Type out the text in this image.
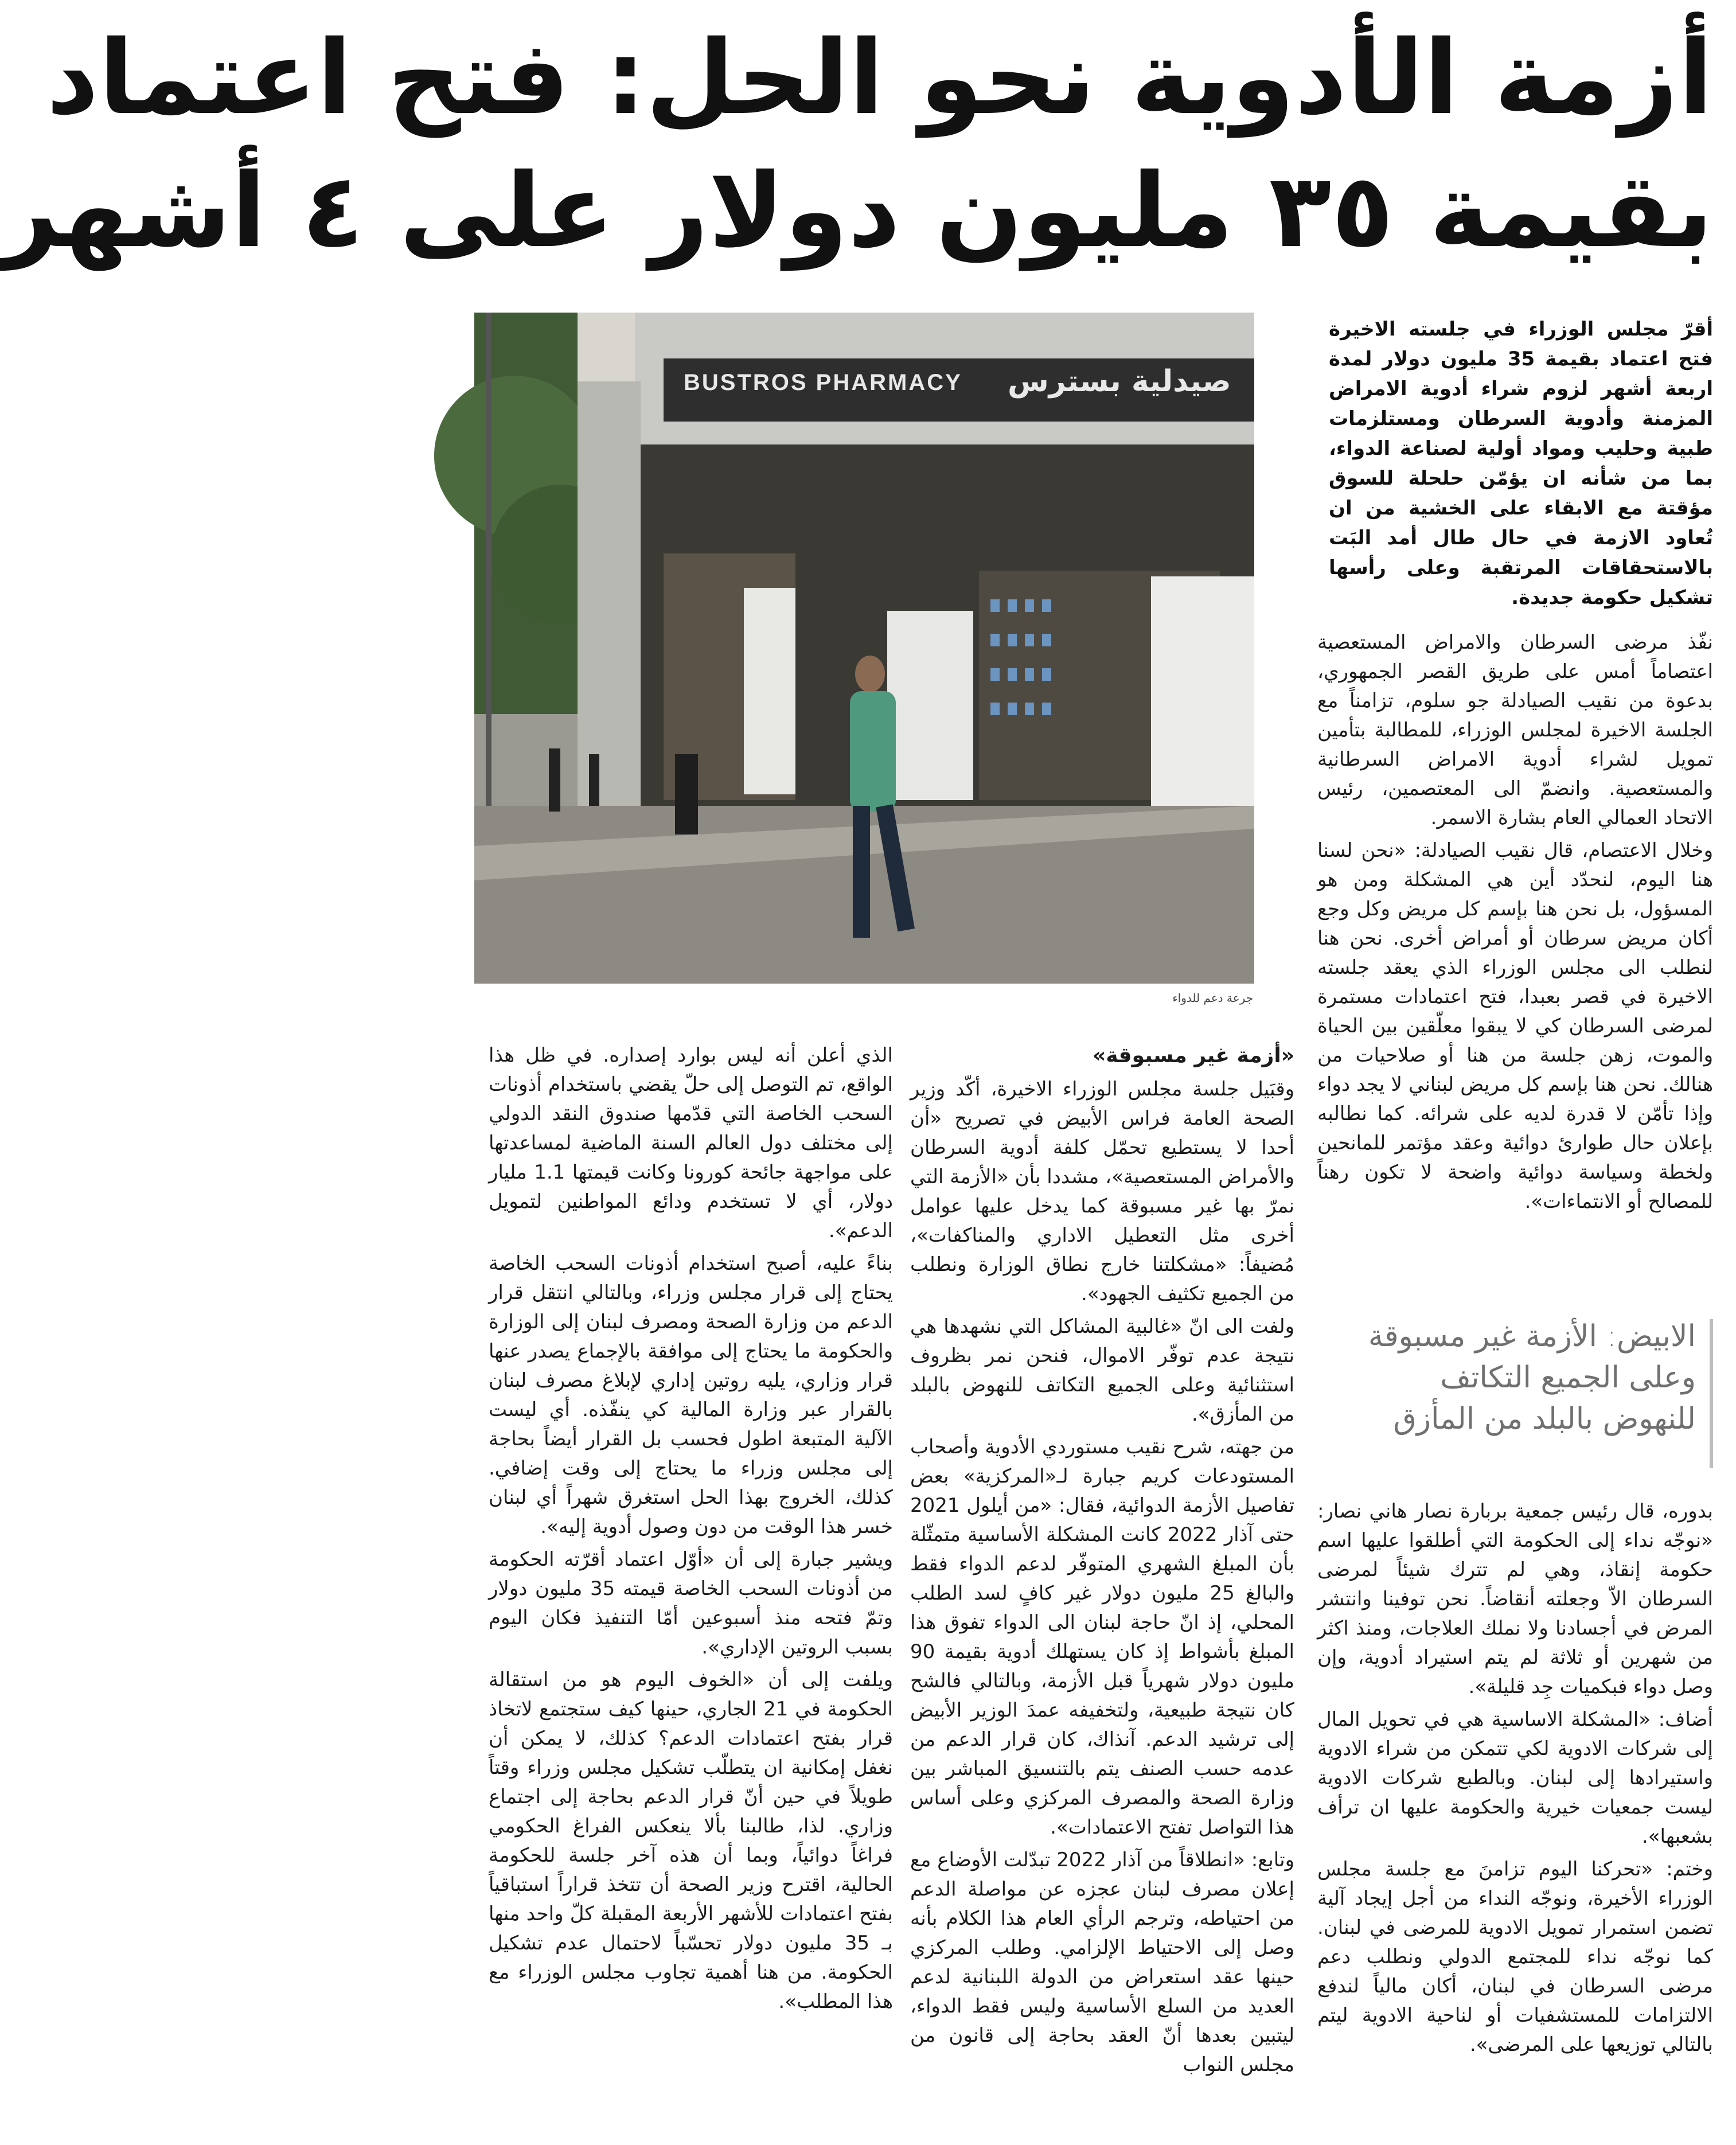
أزمة الأدوية نحو الحل: فتح اعتماد
بقيمة ٣٥ مليون دولار على ٤ أشهر
أقرّ مجلس الوزراء في جلسته الاخيرة فتح اعتماد بقيمة 35 مليون دولار لمدة اربعة أشهر لزوم شراء أدوية الامراض المزمنة وأدوية السرطان ومستلزمات طبية وحليب ومواد أولية لصناعة الدواء، بما من شأنه ان يؤمّن حلحلة للسوق مؤقتة مع الابقاء على الخشية من ان تُعاود الازمة في حال طال أمد البَت بالاستحقاقات المرتقبة وعلى رأسها تشكيل حكومة جديدة.
BUSTROS PHARMACY صيدلية بسترس
جرعة دعم للدواء

نفّذ مرضى السرطان والامراض المستعصية اعتصاماً أمس على طريق القصر الجمهوري، بدعوة من نقيب الصيادلة جو سلوم، تزامناً مع الجلسة الاخيرة لمجلس الوزراء، للمطالبة بتأمين تمويل لشراء أدوية الامراض السرطانية والمستعصية. وانضمّ الى المعتصمين، رئيس الاتحاد العمالي العام بشارة الاسمر.

وخلال الاعتصام، قال نقيب الصيادلة: «نحن لسنا هنا اليوم، لنحدّد أين هي المشكلة ومن هو المسؤول، بل نحن هنا بإسم كل مريض وكل وجع أكان مريض سرطان أو أمراض أخرى. نحن هنا لنطلب الى مجلس الوزراء الذي يعقد جلسته الاخيرة في قصر بعبدا، فتح اعتمادات مستمرة لمرضى السرطان كي لا يبقوا معلّقين بين الحياة والموت، زهن جلسة من هنا أو صلاحيات من هنالك. نحن هنا بإسم كل مريض لبناني لا يجد دواء وإذا تأمّن لا قدرة لديه على شرائه. كما نطالبه بإعلان حال طوارئ دوائية وعقد مؤتمر للمانحين ولخطة وسياسة دوائية واضحة لا تكون رهناً للمصالح أو الانتماءات».

الابيض: الأزمة غير مسبوقة
وعلى الجميع التكاتف
للنهوض بالبلد من المأزق

بدوره، قال رئيس جمعية بربارة نصار هاني نصار: «نوجّه نداء إلى الحكومة التي أطلقوا عليها اسم حكومة إنقاذ، وهي لم تترك شيئاً لمرضى السرطان الاّ وجعلته أنقاضاً. نحن توفينا وانتشر المرض في أجسادنا ولا نملك العلاجات، ومنذ اكثر من شهرين أو ثلاثة لم يتم استيراد أدوية، وإن وصل دواء فبكميات جِد قليلة».

أضاف: «المشكلة الاساسية هي في تحويل المال إلى شركات الادوية لكي تتمكن من شراء الادوية واستيرادها إلى لبنان. وبالطبع شركات الادوية ليست جمعيات خيرية والحكومة عليها ان ترأف بشعبها».

وختم: «تحركنا اليوم تزامنَ مع جلسة مجلس الوزراء الأخيرة، ونوجّه النداء من أجل إيجاد آلية تضمن استمرار تمويل الادوية للمرضى في لبنان. كما نوجّه نداء للمجتمع الدولي ونطلب دعم مرضى السرطان في لبنان، أكان مالياً لندفع الالتزامات للمستشفيات أو لناحية الادوية ليتم بالتالي توزيعها على المرضى».

«أزمة غير مسبوقة»

وقبَيل جلسة مجلس الوزراء الاخيرة، أكّد وزير الصحة العامة فراس الأبيض في تصريح «أن أحدا لا يستطيع تحمّل كلفة أدوية السرطان والأمراض المستعصية»، مشددا بأن «الأزمة التي نمرّ بها غير مسبوقة كما يدخل عليها عوامل أخرى مثل التعطيل الاداري والمناكفات»، مُضيفاً: «مشكلتنا خارج نطاق الوزارة ونطلب من الجميع تكثيف الجهود».

ولفت الى انّ «غالبية المشاكل التي نشهدها هي نتيجة عدم توفّر الاموال، فنحن نمر بظروف استثنائية وعلى الجميع التكاتف للنهوض بالبلد من المأزق».

من جهته، شرح نقيب مستوردي الأدوية وأصحاب المستودعات كريم جبارة لـ«المركزية» بعض تفاصيل الأزمة الدوائية، فقال: «من أيلول 2021 حتى آذار 2022 كانت المشكلة الأساسية متمثّلة بأن المبلغ الشهري المتوفّر لدعم الدواء فقط والبالغ 25 مليون دولار غير كافٍ لسد الطلب المحلي، إذ انّ حاجة لبنان الى الدواء تفوق هذا المبلغ بأشواط إذ كان يستهلك أدوية بقيمة 90 مليون دولار شهرياً قبل الأزمة، وبالتالي فالشح كان نتيجة طبيعية، ولتخفيفه عمدَ الوزير الأبيض إلى ترشيد الدعم. آنذاك، كان قرار الدعم من عدمه حسب الصنف يتم بالتنسيق المباشر بين وزارة الصحة والمصرف المركزي وعلى أساس هذا التواصل تفتح الاعتمادات».

وتابع: «انطلاقاً من آذار 2022 تبدّلت الأوضاع مع إعلان مصرف لبنان عجزه عن مواصلة الدعم من احتياطه، وترجم الرأي العام هذا الكلام بأنه وصل إلى الاحتياط الإلزامي. وطلب المركزي حينها عقد استعراض من الدولة اللبنانية لدعم العديد من السلع الأساسية وليس فقط الدواء، ليتبين بعدها أنّ العقد بحاجة إلى قانون من مجلس النواب

الذي أعلن أنه ليس بوارد إصداره. في ظل هذا الواقع، تم التوصل إلى حلّ يقضي باستخدام أذونات السحب الخاصة التي قدّمها صندوق النقد الدولي إلى مختلف دول العالم السنة الماضية لمساعدتها على مواجهة جائحة كورونا وكانت قيمتها 1.1 مليار دولار، أي لا تستخدم ودائع المواطنين لتمويل الدعم».

بناءً عليه، أصبح استخدام أذونات السحب الخاصة يحتاج إلى قرار مجلس وزراء، وبالتالي انتقل قرار الدعم من وزارة الصحة ومصرف لبنان إلى الوزارة والحكومة ما يحتاج إلى موافقة بالإجماع يصدر عنها قرار وزاري، يليه روتين إداري لإبلاغ مصرف لبنان بالقرار عبر وزارة المالية كي ينفّذه. أي ليست الآلية المتبعة اطول فحسب بل القرار أيضاً بحاجة إلى مجلس وزراء ما يحتاج إلى وقت إضافي. كذلك، الخروج بهذا الحل استغرق شهراً أي لبنان خسر هذا الوقت من دون وصول أدوية إليه».

ويشير جبارة إلى أن «أوّل اعتماد أقرّته الحكومة من أذونات السحب الخاصة قيمته 35 مليون دولار وتمّ فتحه منذ أسبوعين أمّا التنفيذ فكان اليوم بسبب الروتين الإداري».

ويلفت إلى أن «الخوف اليوم هو من استقالة الحكومة في 21 الجاري، حينها كيف ستجتمع لاتخاذ قرار بفتح اعتمادات الدعم؟ كذلك، لا يمكن أن نغفل إمكانية ان يتطلّب تشكيل مجلس وزراء وقتاً طويلاً في حين أنّ قرار الدعم بحاجة إلى اجتماع وزاري. لذا، طالبنا بألا ينعكس الفراغ الحكومي فراغاً دوائياً، وبما أن هذه آخر جلسة للحكومة الحالية، اقترح وزير الصحة أن تتخذ قراراً استباقياً بفتح اعتمادات للأشهر الأربعة المقبلة كلّ واحد منها بـ 35 مليون دولار تحسّباً لاحتمال عدم تشكيل الحكومة. من هنا أهمية تجاوب مجلس الوزراء مع هذا المطلب».
